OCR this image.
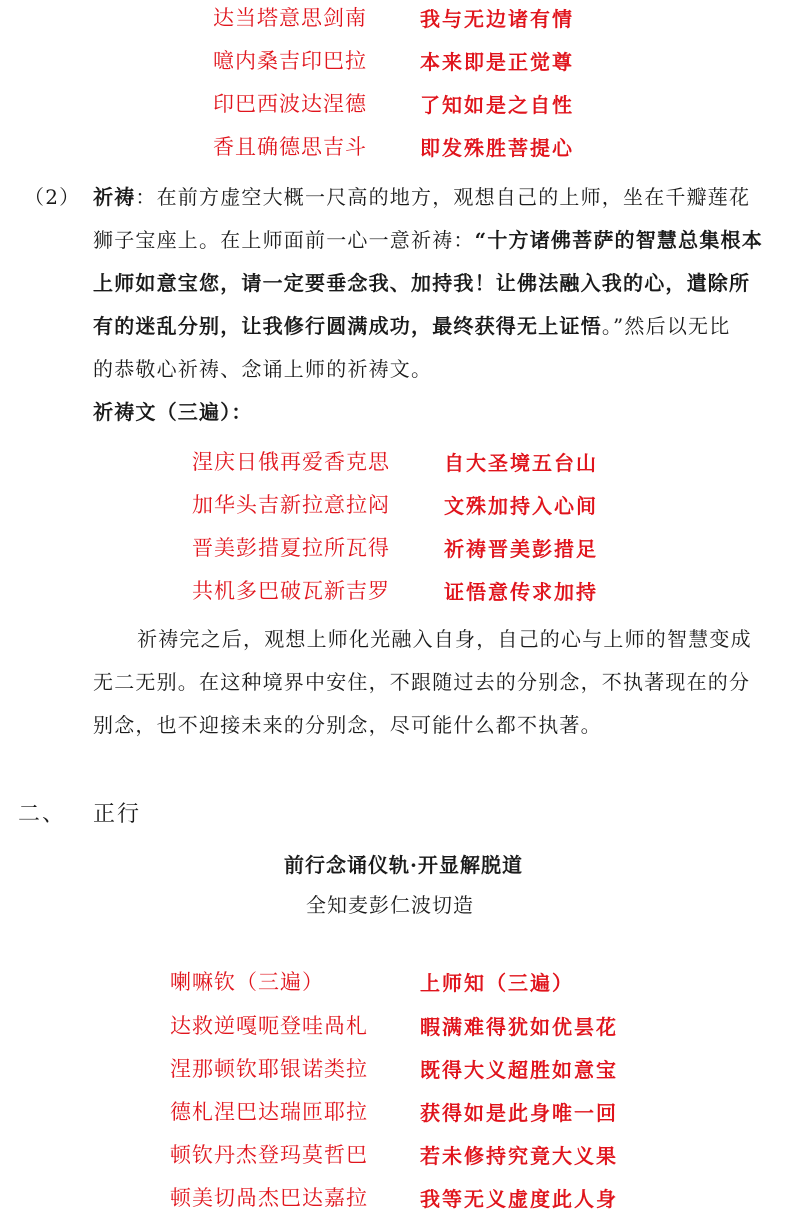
达当塔意思剑南	我与无边诸有情
噫内桑吉印巴拉	本来即是正觉尊
印巴西波达涅德	了知如是之自性
香且确德思吉斗	即发殊胜菩提心
（2） 祈祷：在前方虚空大概一尺高的地方，观想自己的上师，坐在千瓣莲花
狮子宝座上。在上师面前一心一意祈祷：“十方诸佛菩萨的智慧总集根本
上师如意宝您，请一定要垂念我、加持我！让佛法融入我的心，遣除所
有的迷乱分别，让我修行圆满成功，最终获得无上证悟。”然后以无比
的恭敬心祈祷、念诵上师的祈祷文。
祈祷文（三遍）：
涅庆日俄再爱香克思	自大圣境五台山
加华头吉新拉意拉闷	文殊加持入心间
晋美彭措夏拉所瓦得	祈祷晋美彭措足
共机多巴破瓦新吉罗	证悟意传求加持
祈祷完之后，观想上师化光融入自身，自己的心与上师的智慧变成
无二无别。在这种境界中安住，不跟随过去的分别念，不执著现在的分
别念，也不迎接未来的分别念，尽可能什么都不执著。
二、 正行
前行念诵仪轨·开显解脱道
全知麦彭仁波切造
喇嘛钦（三遍）	上师知（三遍）
达救逆嘎呃登哇咼札	暇满难得犹如优昙花
涅那顿钦耶银诺类拉	既得大义超胜如意宝
德札涅巴达瑞匝耶拉	获得如是此身唯一回
顿钦丹杰登玛莫哲巴	若未修持究竟大义果
顿美切咼杰巴达嘉拉	我等无义虚度此人身
